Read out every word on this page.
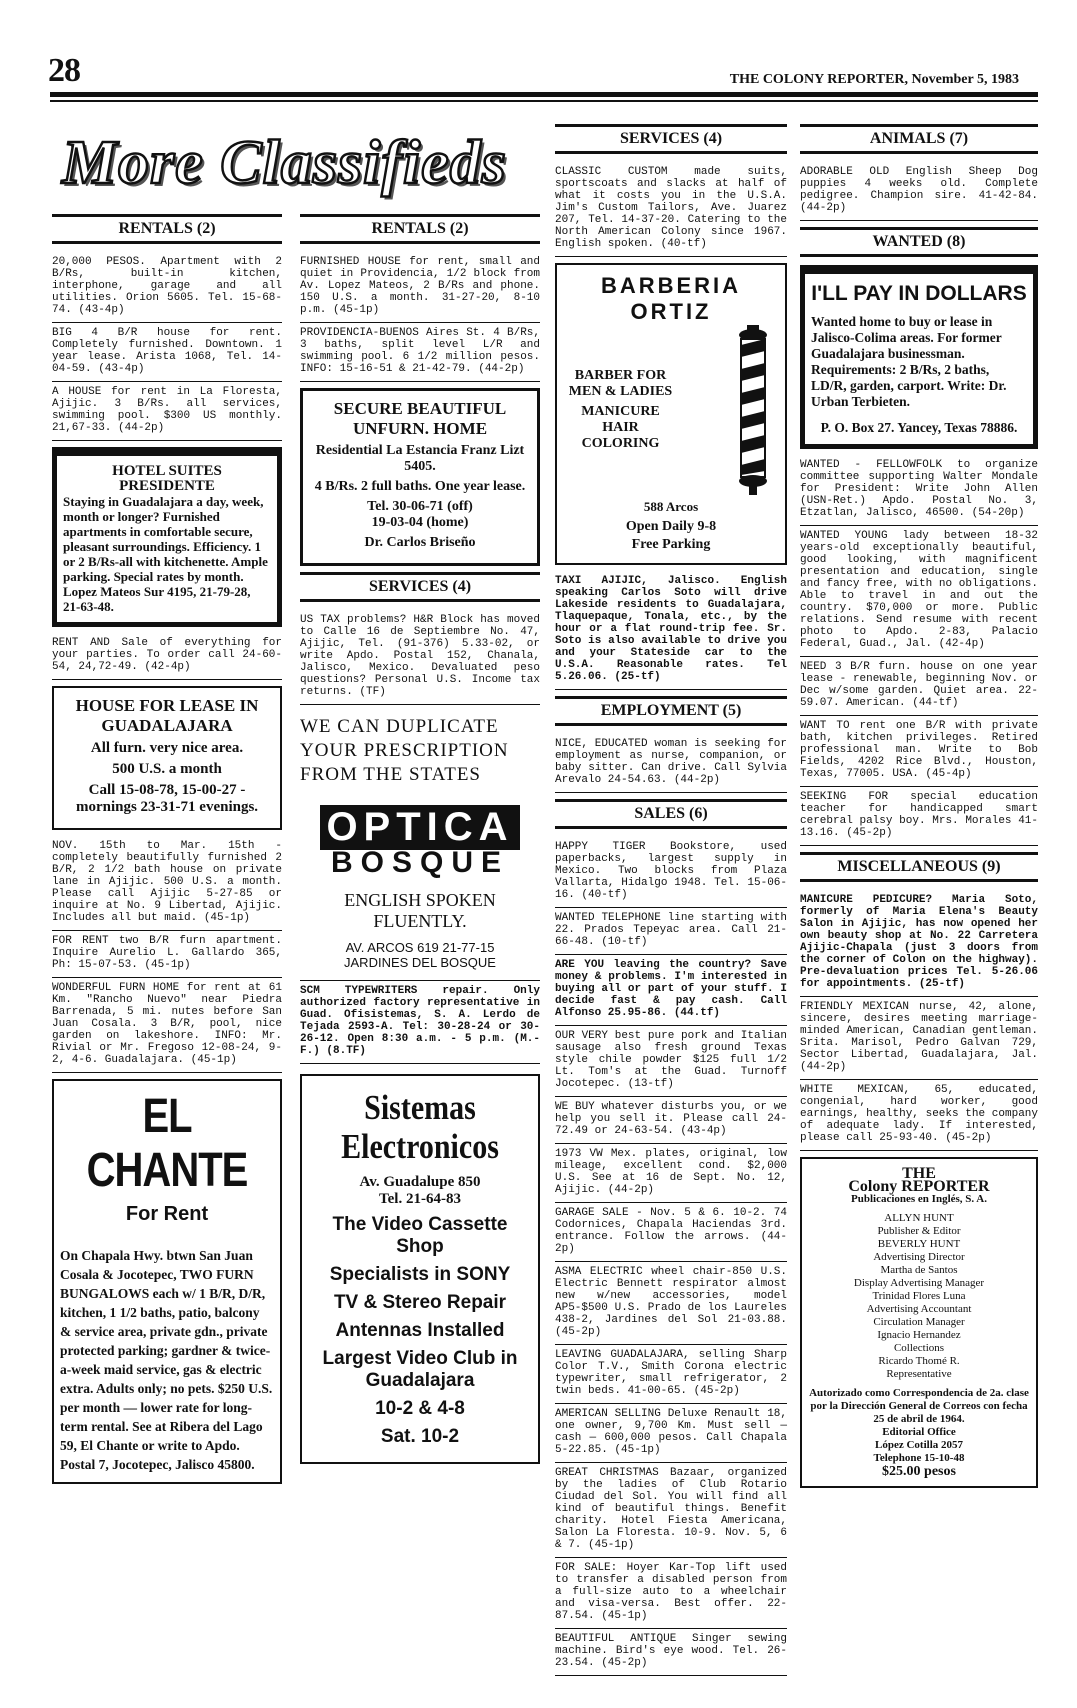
28	THE COLONY REPORTER, November 5, 1983
More Classifieds
RENTALS (2)
20,000 PESOS. Apartment with 2 B/Rs, built-in kitchen, interphone, garage and all utilities. Orion 5605. Tel. 15-68-74. (43-4p)
BIG 4 B/R house for rent. Completely furnished. Downtown. 1 year lease. Arista 1068, Tel. 14-04-59. (43-4p)
A HOUSE for rent in La Floresta, Ajijic. 3 B/Rs. all services, swimming pool. $300 US monthly. 21,67-33. (44-2p)
HOTEL SUITES PRESIDENTE
Staying in Guadalajara a day, week, month or longer? Furnished apartments in comfortable secure, pleasant surroundings. Efficiency. 1 or 2 B/Rs-all with kitchenette. Ample parking. Special rates by month. Lopez Mateos Sur 4195, 21-79-28, 21-63-48.
RENT AND Sale of everything for your parties. To order call 24-60-54, 24,72-49. (42-4p)
HOUSE FOR LEASE IN GUADALAJARA

All furn. very nice area.

500 U.S. a month

Call 15-08-78, 15-00-27 - mornings 23-31-71 evenings.

NOV. 15th to Mar. 15th - completely beautifully furnished 2 B/R, 2 1/2 bath house on private lane in Ajijic. 500 U.S. a month. Please call Ajijic 5-27-85 or inquire at No. 9 Libertad, Ajijic. Includes all but maid. (45-1p)
FOR RENT two B/R furn apartment. Inquire Aurelio L. Gallardo 365, Ph: 15-07-53. (45-1p)
WONDERFUL FURN HOME for rent at 61 Km. "Rancho Nuevo" near Piedra Barrenada, 5 mi. nutes before San Juan Cosala. 3 B/R, pool, nice garden on lakeshore. INFO: Mr. Rivial or Mr. Fregoso 12-08-24, 9-2, 4-6. Guadalajara. (45-1p)
EL CHANTE
For Rent
On Chapala Hwy. btwn San Juan Cosala & Jocotepec, TWO FURN BUNGALOWS each w/ 1 B/R, D/R, kitchen, 1 1/2 baths, patio, balcony & service area, private gdn., private protected parking; gardner & twice-a-week maid service, gas & electric extra. Adults only; no pets. $250 U.S. per month — lower rate for long-term rental. See at Ribera del Lago 59, El Chante or write to Apdo. Postal 7, Jocotepec, Jalisco 45800.
RENTALS (2)
FURNISHED HOUSE for rent, small and quiet in Providencia, 1/2 block from Av. Lopez Mateos, 2 B/Rs and phone. 150 U.S. a month. 31-27-20, 8-10 p.m. (45-1p)
PROVIDENCIA-BUENOS Aires St. 4 B/Rs, 3 baths, split level L/R and swimming pool. 6 1/2 million pesos. INFO: 15-16-51 & 21-42-79. (44-2p)
SECURE BEAUTIFUL UNFURN. HOME

Residential La Estancia Franz Lizt 5405.

4 B/Rs. 2 full baths. One year lease.

Tel. 30-06-71 (off)

19-03-04 (home)

Dr. Carlos Briseño

SERVICES (4)
US TAX problems? H&R Block has moved to Calle 16 de Septiembre No. 47, Ajijic, Tel. (91-376) 5.33-02, or write Apdo. Postal 152, Chanala, Jalisco, Mexico. Devaluated peso questions? Personal U.S. Income tax returns. (TF)
WE CAN DUPLICATE YOUR PRESCRIPTION FROM THE STATES
OPTICA
BOSQUE
ENGLISH SPOKEN FLUENTLY.
AV. ARCOS 619 21-77-15
JARDINES DEL BOSQUE
SCM TYPEWRITERS repair. Only authorized factory representative in Guad. Ofisistemas, S. A. Lerdo de Tejada 2593-A. Tel: 30-28-24 or 30-26-12. Open 8:30 a.m. - 5 p.m. (M.-F.) (8.TF)
Sistemas Electronicos
Av. Guadalupe 850
Tel. 21-64-83
The Video Cassette Shop
Specialists in SONY
TV & Stereo Repair
Antennas Installed
Largest Video Club in Guadalajara
10-2 & 4-8
Sat. 10-2
SERVICES (4)
CLASSIC CUSTOM made suits, sportscoats and slacks at half of what it costs you in the U.S.A. Jim's Custom Tailors, Ave. Juarez 207, Tel. 14-37-20. Catering to the North American Colony since 1967. English spoken. (40-tf)
BARBERIA
ORTIZ

BARBER FOR MEN & LADIES

MANICURE HAIR COLORING

588 Arcos

Open Daily 9-8

Free Parking

TAXI AJIJIC, Jalisco. English speaking Carlos Soto will drive Lakeside residents to Guadalajara, Tlaquepaque, Tonala, etc., by the hour or a flat round-trip fee. Sr. Soto is also available to drive you and your Stateside car to the U.S.A. Reasonable rates. Tel 5.26.06. (25-tf)
EMPLOYMENT (5)
NICE, EDUCATED woman is seeking for employment as nurse, companion, or baby sitter. Can drive. Call Sylvia Arevalo 24-54.63. (44-2p)
SALES (6)
HAPPY TIGER Bookstore, used paperbacks, largest supply in Mexico. Two blocks from Plaza Vallarta, Hidalgo 1948. Tel. 15-06-16. (40-tf)
WANTED TELEPHONE line starting with 22. Prados Tepeyac area. Call 21-66-48. (10-tf)
ARE YOU leaving the country? Save money & problems. I'm interested in buying all or part of your stuff. I decide fast & pay cash. Call Alfonso 25.95-86. (44.tf)
OUR VERY best pure pork and Italian sausage also fresh ground Texas style chile powder $125 full 1/2 Lt. Tom's at the Guad. Turnoff Jocotepec. (13-tf)
WE BUY whatever disturbs you, or we help you sell it. Please call 24-72.49 or 24-63-54. (43-4p)
1973 VW Mex. plates, original, low mileage, excellent cond. $2,000 U.S. See at 16 de Sept. No. 12, Ajijic. (44-2p)
GARAGE SALE - Nov. 5 & 6. 10-2. 74 Codornices, Chapala Haciendas 3rd. entrance. Follow the arrows. (44-2p)
ASMA ELECTRIC wheel chair-850 U.S. Electric Bennett respirator almost new w/new accessories, model AP5-$500 U.S. Prado de los Laureles 438-2, Jardines del Sol 21-03.88. (45-2p)
LEAVING GUADALAJARA, selling Sharp Color T.V., Smith Corona electric typewriter, small refrigerator, 2 twin beds. 41-00-65. (45-2p)
AMERICAN SELLING Deluxe Renault 18, one owner, 9,700 Km. Must sell — cash — 600,000 pesos. Call Chapala 5-22.85. (45-1p)
GREAT CHRISTMAS Bazaar, organized by the ladies of Club Rotario Ciudad del Sol. You will find all kind of beautiful things. Benefit charity. Hotel Fiesta Americana, Salon La Floresta. 10-9. Nov. 5, 6 & 7. (45-1p)
FOR SALE: Hoyer Kar-Top lift used to transfer a disabled person from a full-size auto to a wheelchair and visa-versa. Best offer. 22-87.54. (45-1p)
BEAUTIFUL ANTIQUE Singer sewing machine. Bird's eye wood. Tel. 26-23.54. (45-2p)
ANIMALS (7)
ADORABLE OLD English Sheep Dog puppies 4 weeks old. Complete pedigree. Champion sire. 41-42-84. (44-2p)
WANTED (8)
I'LL PAY IN DOLLARS
Wanted home to buy or lease in Jalisco-Colima areas. For former Guadalajara businessman. Requirements: 2 B/Rs, 2 baths, LD/R, garden, carport. Write: Dr. Urban Terbieten.
P. O. Box 27. Yancey, Texas 78886.
WANTED - FELLOWFOLK to organize committee supporting Walter Mondale for President: Write John Allen (USN-Ret.) Apdo. Postal No. 3, Etzatlan, Jalisco, 46500. (54-20p)
WANTED YOUNG lady between 18-32 years-old exceptionally beautiful, good looking, with magnificent presentation and education, single and fancy free, with no obligations. Able to travel in and out the country. $70,000 or more. Public relations. Send resume with recent photo to Apdo. 2-83, Palacio Federal, Guad., Jal. (42-4p)
NEED 3 B/R furn. house on one year lease - renewable, beginning Nov. or Dec w/some garden. Quiet area. 22-59.07. American. (44-tf)
WANT TO rent one B/R with private bath, kitchen privileges. Retired professional man. Write to Bob Fields, 4202 Rice Blvd., Houston, Texas, 77005. USA. (45-4p)
SEEKING FOR special education teacher for handicapped smart cerebral palsy boy. Mrs. Morales 41-13.16. (45-2p)
MISCELLANEOUS (9)
MANICURE PEDICURE? Maria Soto, formerly of Maria Elena's Beauty Salon in Ajijic, has now opened her own beauty shop at No. 22 Carretera Ajijic-Chapala (just 3 doors from the corner of Colon on the highway). Pre-devaluation prices Tel. 5-26.06 for appointments. (25-tf)
FRIENDLY MEXICAN nurse, 42, alone, sincere, desires meeting marriage-minded American, Canadian gentleman. Srita. Marisol, Pedro Galvan 729, Sector Libertad, Guadalajara, Jal. (44-2p)
WHITE MEXICAN, 65, educated, congenial, hard worker, good earnings, healthy, seeks the company of adequate lady. If interested, please call 25-93-40. (45-2p)
THE
Colony REPORTER
Publicaciones en Inglés, S. A.
ALLYN HUNT
Publisher & Editor
BEVERLY HUNT
Advertising Director
Martha de Santos
Display Advertising Manager
Trinidad Flores Luna
Advertising Accountant
Circulation Manager
Ignacio Hernandez
Collections
Ricardo Thomé R.
Representative
Autorizado como Correspondencia de 2a. clase por la Dirección General de Correos con fecha 25 de abril de 1964.
Editorial Office
López Cotilla 2057
Telephone 15-10-48
$25.00 pesos
